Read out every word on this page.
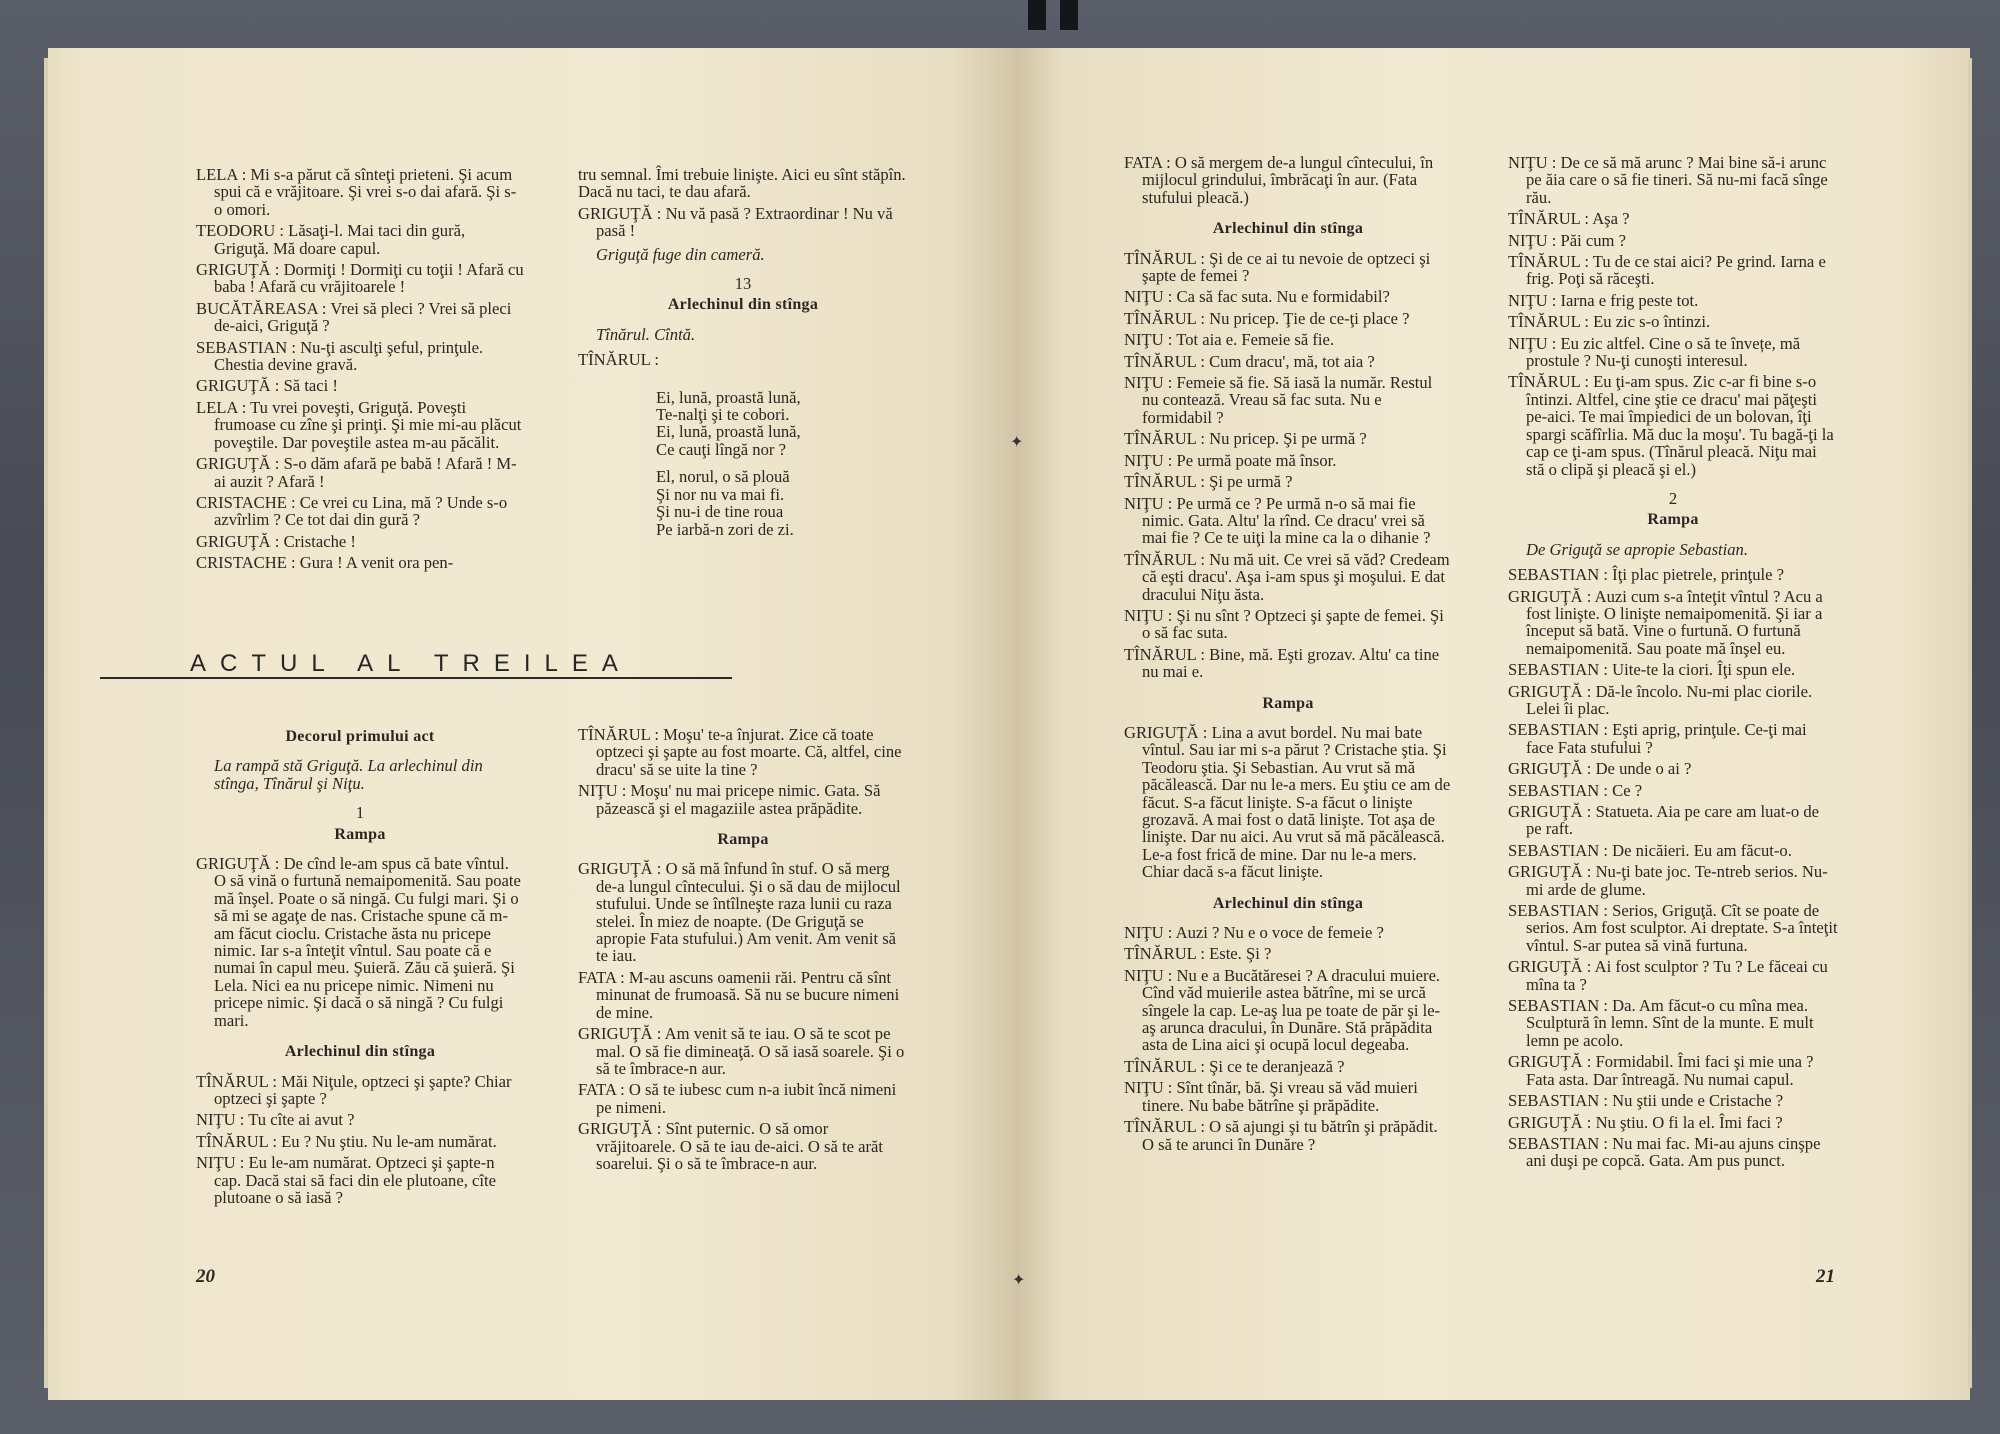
LELA : Mi s-a părut că sînteţi prieteni. Şi acum spui că e vrăjitoare. Şi vrei s-o dai afară. Şi s-o omori.

TEODORU : Lăsaţi-l. Mai taci din gură, Griguţă. Mă doare capul.

GRIGUŢĂ : Dormiţi ! Dormiţi cu toţii ! Afară cu baba ! Afară cu vrăjitoarele !

BUCĂTĂREASA : Vrei să pleci ? Vrei să pleci de-aici, Griguţă ?

SEBASTIAN : Nu-ţi asculţi şeful, prinţule. Chestia devine gravă.

GRIGUŢĂ : Să taci !

LELA : Tu vrei poveşti, Griguţă. Poveşti frumoase cu zîne şi prinţi. Şi mie mi-au plăcut poveştile. Dar poveştile astea m-au păcălit.

GRIGUŢĂ : S-o dăm afară pe babă ! Afară ! M-ai auzit ? Afară !

CRISTACHE : Ce vrei cu Lina, mă ? Unde s-o azvîrlim ? Ce tot dai din gură ?

GRIGUŢĂ : Cristache !

CRISTACHE : Gura ! A venit ora pen-

tru semnal. Îmi trebuie linişte. Aici eu sînt stăpîn. Dacă nu taci, te dau afară.

GRIGUŢĂ : Nu vă pasă ? Extraordinar ! Nu vă pasă !

Griguţă fuge din cameră.

13
Arlechinul din stînga

Tînărul. Cîntă.

TÎNĂRUL :

Ei, lună, proastă lună,
Te-nalţi şi te cobori.
Ei, lună, proastă lună,
Ce cauţi lîngă nor ?
El, norul, o să plouă
Şi nor nu va mai fi.
Şi nu-i de tine roua
Pe iarbă-n zori de zi.
ACTUL AL TREILEA
Decorul primului act

La rampă stă Griguţă. La arlechinul din stînga, Tînărul şi Niţu.

1
Rampa

GRIGUŢĂ : De cînd le-am spus că bate vîntul. O să vină o furtună nemaipomenită. Sau poate mă înşel. Poate o să ningă. Cu fulgi mari. Şi o să mi se agaţe de nas. Cristache spune că m-am făcut cioclu. Cristache ăsta nu pricepe nimic. Iar s-a înteţit vîntul. Sau poate că e numai în capul meu. Şuieră. Zău că şuieră. Şi Lela. Nici ea nu pricepe nimic. Nimeni nu pricepe nimic. Şi dacă o să ningă ? Cu fulgi mari.

Arlechinul din stînga

TÎNĂRUL : Măi Niţule, optzeci şi şapte? Chiar optzeci şi şapte ?

NIŢU : Tu cîte ai avut ?

TÎNĂRUL : Eu ? Nu ştiu. Nu le-am numărat.

NIŢU : Eu le-am numărat. Optzeci şi şapte-n cap. Dacă stai să faci din ele plutoane, cîte plutoane o să iasă ?

TÎNĂRUL : Moşu' te-a înjurat. Zice că toate optzeci şi şapte au fost moarte. Că, altfel, cine dracu' să se uite la tine ?

NIŢU : Moşu' nu mai pricepe nimic. Gata. Să păzească şi el magaziile astea prăpădite.

Rampa

GRIGUŢĂ : O să mă înfund în stuf. O să merg de-a lungul cîntecului. Şi o să dau de mijlocul stufului. Unde se întîlneşte raza lunii cu raza stelei. În miez de noapte. (De Griguţă se apropie Fata stufului.) Am venit. Am venit să te iau.

FATA : M-au ascuns oamenii răi. Pentru că sînt minunat de frumoasă. Să nu se bucure nimeni de mine.

GRIGUŢĂ : Am venit să te iau. O să te scot pe mal. O să fie dimineaţă. O să iasă soarele. Şi o să te îmbrace-n aur.

FATA : O să te iubesc cum n-a iubit încă nimeni pe nimeni.

GRIGUŢĂ : Sînt puternic. O să omor vrăjitoarele. O să te iau de-aici. O să te arăt soarelui. Şi o să te îmbrace-n aur.

20

FATA : O să mergem de-a lungul cîntecului, în mijlocul grindului, îmbrăcaţi în aur. (Fata stufului pleacă.)

Arlechinul din stînga

TÎNĂRUL : Şi de ce ai tu nevoie de optzeci şi şapte de femei ?

NIŢU : Ca să fac suta. Nu e formidabil?

TÎNĂRUL : Nu pricep. Ţie de ce-ţi place ?

NIŢU : Tot aia e. Femeie să fie.

TÎNĂRUL : Cum dracu', mă, tot aia ?

NIŢU : Femeie să fie. Să iasă la număr. Restul nu contează. Vreau să fac suta. Nu e formidabil ?

TÎNĂRUL : Nu pricep. Şi pe urmă ?

NIŢU : Pe urmă poate mă însor.

TÎNĂRUL : Şi pe urmă ?

NIŢU : Pe urmă ce ? Pe urmă n-o să mai fie nimic. Gata. Altu' la rînd. Ce dracu' vrei să mai fie ? Ce te uiţi la mine ca la o dihanie ?

TÎNĂRUL : Nu mă uit. Ce vrei să văd? Credeam că eşti dracu'. Aşa i-am spus şi moşului. E dat dracului Niţu ăsta.

NIŢU : Şi nu sînt ? Optzeci şi şapte de femei. Şi o să fac suta.

TÎNĂRUL : Bine, mă. Eşti grozav. Altu' ca tine nu mai e.

Rampa

GRIGUŢĂ : Lina a avut bordel. Nu mai bate vîntul. Sau iar mi s-a părut ? Cristache ştia. Şi Teodoru ştia. Şi Sebastian. Au vrut să mă păcălească. Dar nu le-a mers. Eu ştiu ce am de făcut. S-a făcut linişte. S-a făcut o linişte grozavă. A mai fost o dată linişte. Tot aşa de linişte. Dar nu aici. Au vrut să mă păcălească. Le-a fost frică de mine. Dar nu le-a mers. Chiar dacă s-a făcut linişte.

Arlechinul din stînga

NIŢU : Auzi ? Nu e o voce de femeie ?

TÎNĂRUL : Este. Şi ?

NIŢU : Nu e a Bucătăresei ? A dracului muiere. Cînd văd muierile astea bătrîne, mi se urcă sîngele la cap. Le-aş lua pe toate de păr şi le-aş arunca dracului, în Dunăre. Stă prăpădita asta de Lina aici şi ocupă locul degeaba.

TÎNĂRUL : Şi ce te deranjează ?

NIŢU : Sînt tînăr, bă. Şi vreau să văd muieri tinere. Nu babe bătrîne şi prăpădite.

TÎNĂRUL : O să ajungi şi tu bătrîn şi prăpădit. O să te arunci în Dunăre ?

NIŢU : De ce să mă arunc ? Mai bine să-i arunc pe ăia care o să fie tineri. Să nu-mi facă sînge rău.

TÎNĂRUL : Aşa ?

NIŢU : Păi cum ?

TÎNĂRUL : Tu de ce stai aici? Pe grind. Iarna e frig. Poţi să răceşti.

NIŢU : Iarna e frig peste tot.

TÎNĂRUL : Eu zic s-o întinzi.

NIŢU : Eu zic altfel. Cine o să te învețe, mă prostule ? Nu-ţi cunoşti interesul.

TÎNĂRUL : Eu ţi-am spus. Zic c-ar fi bine s-o întinzi. Altfel, cine ştie ce dracu' mai păţeşti pe-aici. Te mai împiedici de un bolovan, îţi spargi scăfîrlia. Mă duc la moşu'. Tu bagă-ţi la cap ce ţi-am spus. (Tînărul pleacă. Niţu mai stă o clipă şi pleacă şi el.)

2
Rampa

De Griguţă se apropie Sebastian.

SEBASTIAN : Îţi plac pietrele, prinţule ?

GRIGUŢĂ : Auzi cum s-a înteţit vîntul ? Acu a fost linişte. O linişte nemaipomenită. Şi iar a început să bată. Vine o furtună. O furtună nemaipomenită. Sau poate mă înşel eu.

SEBASTIAN : Uite-te la ciori. Îţi spun ele.

GRIGUŢĂ : Dă-le încolo. Nu-mi plac ciorile. Lelei îi plac.

SEBASTIAN : Eşti aprig, prinţule. Ce-ţi mai face Fata stufului ?

GRIGUŢĂ : De unde o ai ?

SEBASTIAN : Ce ?

GRIGUŢĂ : Statueta. Aia pe care am luat-o de pe raft.

SEBASTIAN : De nicăieri. Eu am făcut-o.

GRIGUŢĂ : Nu-ţi bate joc. Te-ntreb serios. Nu-mi arde de glume.

SEBASTIAN : Serios, Griguţă. Cît se poate de serios. Am fost sculptor. Ai dreptate. S-a înteţit vîntul. S-ar putea să vină furtuna.

GRIGUŢĂ : Ai fost sculptor ? Tu ? Le făceai cu mîna ta ?

SEBASTIAN : Da. Am făcut-o cu mîna mea. Sculptură în lemn. Sînt de la munte. E mult lemn pe acolo.

GRIGUŢĂ : Formidabil. Îmi faci şi mie una ? Fata asta. Dar întreagă. Nu numai capul.

SEBASTIAN : Nu ştii unde e Cristache ?

GRIGUŢĂ : Nu ştiu. O fi la el. Îmi faci ?

SEBASTIAN : Nu mai fac. Mi-au ajuns cinşpe ani duşi pe copcă. Gata. Am pus punct.

21
✦
✦
